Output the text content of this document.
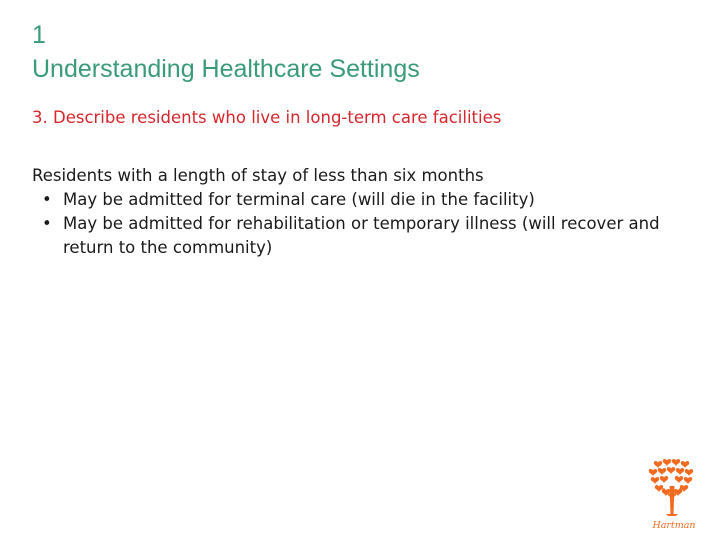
1
Understanding Healthcare Settings
3. Describe residents who live in long-term care facilities
Residents with a length of stay of less than six months
• May be admitted for terminal care (will die in the facility)
• May be admitted for rehabilitation or temporary illness (will recover and return to the community)
Hartman
